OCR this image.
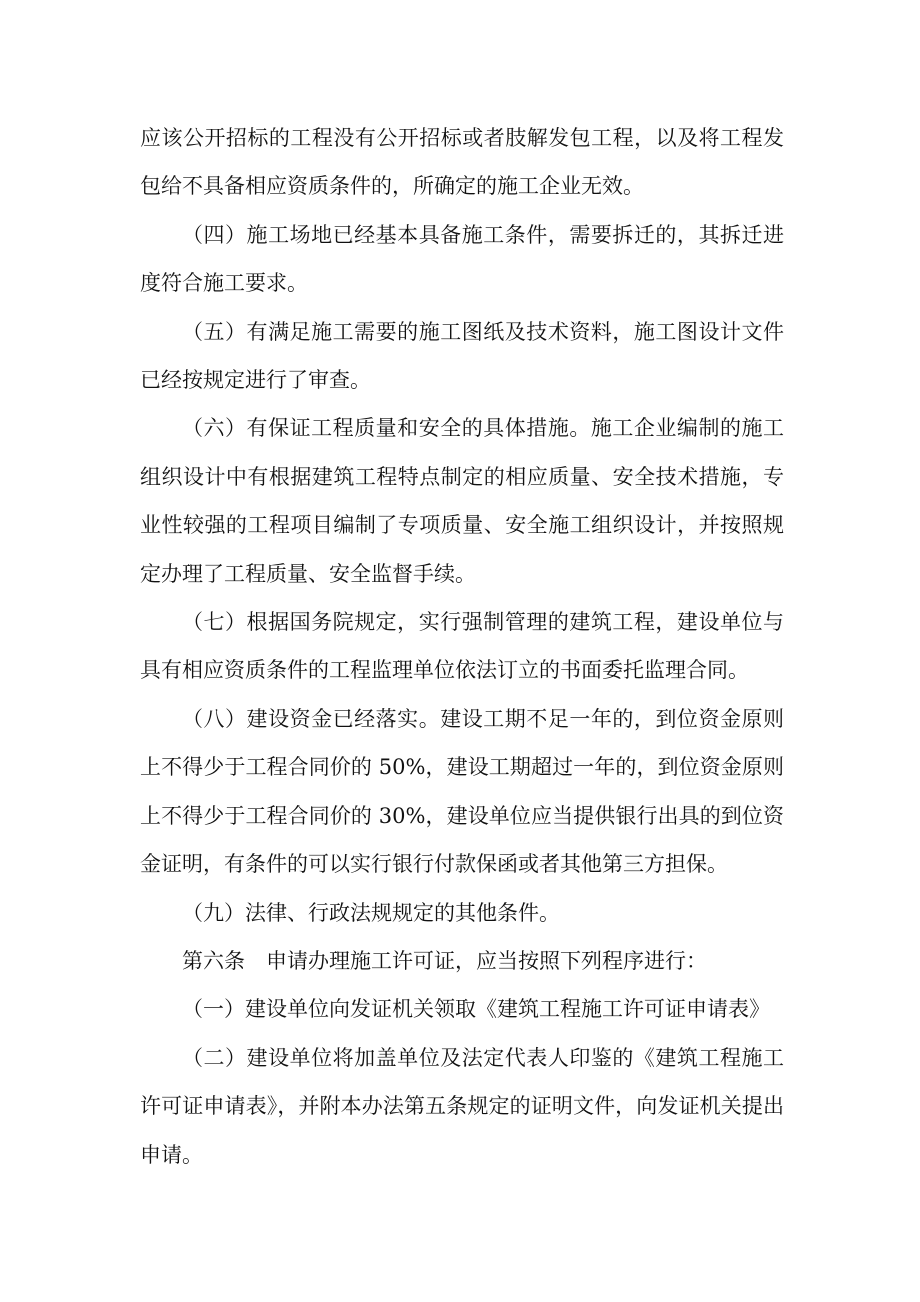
应该公开招标的工程没有公开招标或者肢解发包工程，以及将工程发包给不具备相应资质条件的，所确定的施工企业无效。

（四）施工场地已经基本具备施工条件，需要拆迁的，其拆迁进度符合施工要求。

（五）有满足施工需要的施工图纸及技术资料，施工图设计文件已经按规定进行了审查。

（六）有保证工程质量和安全的具体措施。施工企业编制的施工组织设计中有根据建筑工程特点制定的相应质量、安全技术措施，专业性较强的工程项目编制了专项质量、安全施工组织设计，并按照规定办理了工程质量、安全监督手续。

（七）根据国务院规定，实行强制管理的建筑工程，建设单位与具有相应资质条件的工程监理单位依法订立的书面委托监理合同。

（八）建设资金已经落实。建设工期不足一年的，到位资金原则上不得少于工程合同价的 50%，建设工期超过一年的，到位资金原则上不得少于工程合同价的 30%，建设单位应当提供银行出具的到位资金证明，有条件的可以实行银行付款保函或者其他第三方担保。

（九）法律、行政法规规定的其他条件。

第六条　申请办理施工许可证，应当按照下列程序进行：

（一）建设单位向发证机关领取《建筑工程施工许可证申请表》

（二）建设单位将加盖单位及法定代表人印鉴的《建筑工程施工许可证申请表》，并附本办法第五条规定的证明文件，向发证机关提出申请。
